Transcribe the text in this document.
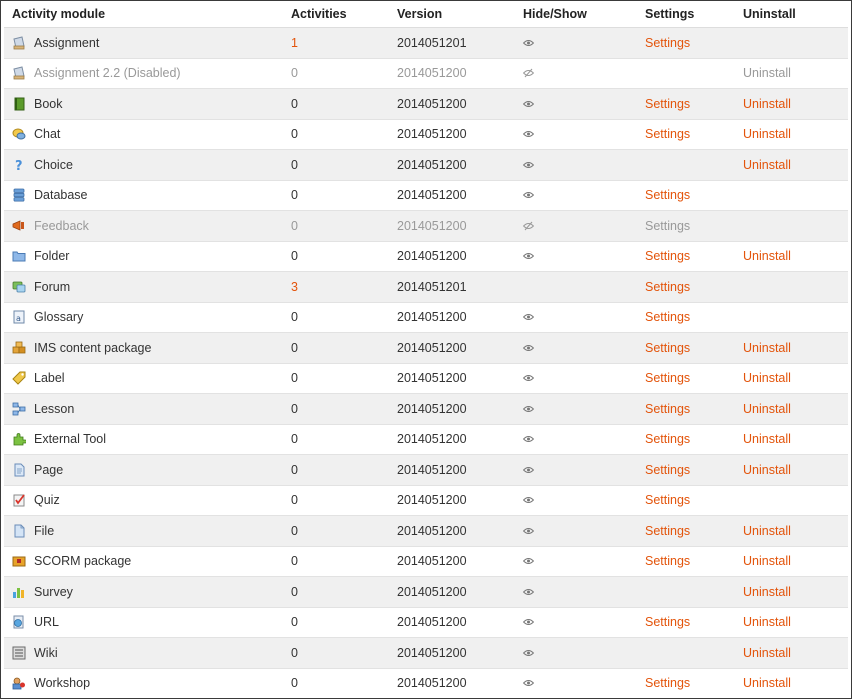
Activity module	Activities	Version	Hide/Show	Settings	Uninstall

Assignment	1	2014051201		Settings	

Assignment 2.2 (Disabled)	0	2014051200			Uninstall

Book	0	2014051200		Settings	Uninstall

Chat	0	2014051200		Settings	Uninstall

? Choice	0	2014051200			Uninstall

Database	0	2014051200		Settings	

Feedback	0	2014051200		Settings	

Folder	0	2014051200		Settings	Uninstall

Forum	3	2014051201		Settings	

a Glossary	0	2014051200		Settings	

IMS content package	0	2014051200		Settings	Uninstall

Label	0	2014051200		Settings	Uninstall

Lesson	0	2014051200		Settings	Uninstall

External Tool	0	2014051200		Settings	Uninstall

Page	0	2014051200		Settings	Uninstall

Quiz	0	2014051200		Settings	

File	0	2014051200		Settings	Uninstall

SCORM package	0	2014051200		Settings	Uninstall

Survey	0	2014051200			Uninstall

URL	0	2014051200		Settings	Uninstall

Wiki	0	2014051200			Uninstall

Workshop	0	2014051200		Settings	Uninstall
